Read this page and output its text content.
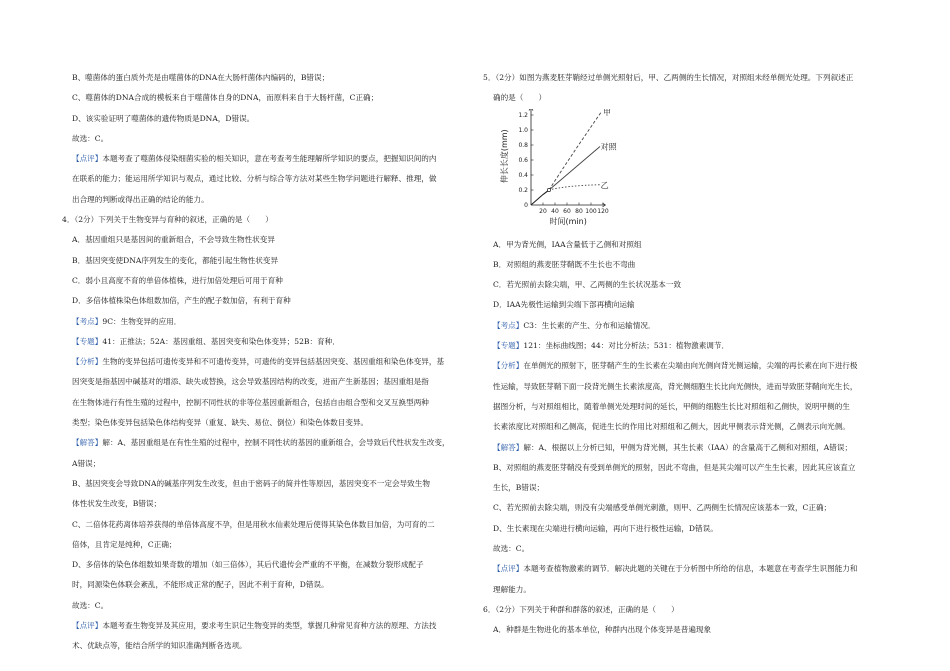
B、噬菌体的蛋白质外壳是由噬菌体的DNA在大肠杆菌体内编码的，B错误；
C、噬菌体的DNA合成的模板来自于噬菌体自身的DNA，而原料来自于大肠杆菌，C正确；
D、该实验证明了噬菌体的遗传物质是DNA，D错误。
故选：C。
【点评】本题考查了噬菌体侵染细菌实验的相关知识，意在考查考生能理解所学知识的要点，把握知识间的内
在联系的能力；能运用所学知识与观点，通过比较、分析与综合等方法对某些生物学问题进行解释、推理，做
出合理的判断或得出正确的结论的能力。
4．（2分）下列关于生物变异与育种的叙述，正确的是（　　）
A．基因重组只是基因间的重新组合，不会导致生物性状变异
B．基因突变使DNA序列发生的变化，都能引起生物性状变异
C．弱小且高度不育的单倍体植株，进行加倍处理后可用于育种
D．多倍体植株染色体组数加倍，产生的配子数加倍，有利于育种
【考点】9C：生物变异的应用．
【专题】41：正推法；52A：基因重组、基因突变和染色体变异；52B：育种．
【分析】生物的变异包括可遗传变异和不可遗传变异，可遗传的变异包括基因突变、基因重组和染色体变异，基
因突变是指基因中碱基对的增添、缺失或替换，这会导致基因结构的改变，进而产生新基因；基因重组是指
在生物体进行有性生殖的过程中，控制不同性状的非等位基因重新组合，包括自由组合型和交叉互换型两种
类型；染色体变异包括染色体结构变异（重复、缺失、易位、倒位）和染色体数目变异。
【解答】解：A、基因重组是在有性生殖的过程中，控制不同性状的基因的重新组合，会导致后代性状发生改变，
A错误；
B、基因突变会导致DNA的碱基序列发生改变，但由于密码子的简并性等原因，基因突变不一定会导致生物
体性状发生改变，B错误；
C、二倍体花药离体培养获得的单倍体高度不孕，但是用秋水仙素处理后使得其染色体数目加倍，为可育的二
倍体，且肯定是纯种，C正确；
D、多倍体的染色体组数如果奇数的增加（如三倍体），其后代遗传会严重的不平衡，在减数分裂形成配子
时，同源染色体联会紊乱，不能形成正常的配子，因此不利于育种，D错误。
故选：C。
【点评】本题考查生物变异及其应用，要求考生识记生物变异的类型，掌握几种常见育种方法的原理、方法技
术、优缺点等，能结合所学的知识准确判断各选项。
5．（2分）如图为燕麦胚芽鞘经过单侧光照射后，甲、乙两侧的生长情况，对照组未经单侧光处理。下列叙述正
确的是（　　）
0
0.2
0.4
0.6
0.8
1.0
1.2
20 40 60 80 100 120
时间(min)
伸长长度(mm)
甲
对照
乙
A．甲为背光侧，IAA含量低于乙侧和对照组
B．对照组的燕麦胚芽鞘既不生长也不弯曲
C．若光照前去除尖端，甲、乙两侧的生长状况基本一致
D．IAA先极性运输到尖端下部再横向运输
【考点】C3：生长素的产生、分布和运输情况．
【专题】121：坐标曲线图；44：对比分析法；531：植物激素调节．
【分析】在单侧光的照射下，胚芽鞘产生的生长素在尖端由向光侧向背光侧运输，尖端的再长素在向下进行极
性运输，导致胚芽鞘下面一段背光侧生长素浓度高，背光侧细胞生长比向光侧快，进而导致胚芽鞘向光生长，
据图分析，与对照组相比，随着单侧光处理时间的延长，甲侧的细胞生长比对照组和乙侧快，说明甲侧的生
长素浓度比对照组和乙侧高，促进生长的作用比对照组和乙侧大，因此甲侧表示背光侧，乙侧表示向光侧。
【解答】解：A、根据以上分析已知，甲侧为背光侧，其生长素（IAA）的含量高于乙侧和对照组，A错误；
B、对照组的燕麦胚芽鞘没有受到单侧光的照射，因此不弯曲，但是其尖端可以产生生长素，因此其应该直立
生长，B错误；
C、若光照前去除尖端，则没有尖端感受单侧光刺激，则甲、乙两侧生长情况应该基本一致，C正确；
D、生长素现在尖端进行横向运输，再向下进行极性运输，D错误。
故选：C。
【点评】本题考查植物激素的调节．解决此题的关键在于分析图中所给的信息，本题意在考查学生识图能力和
理解能力。
6．（2分）下列关于种群和群落的叙述，正确的是（　　）
A．种群是生物进化的基本单位，种群内出现个体变异是普遍现象
